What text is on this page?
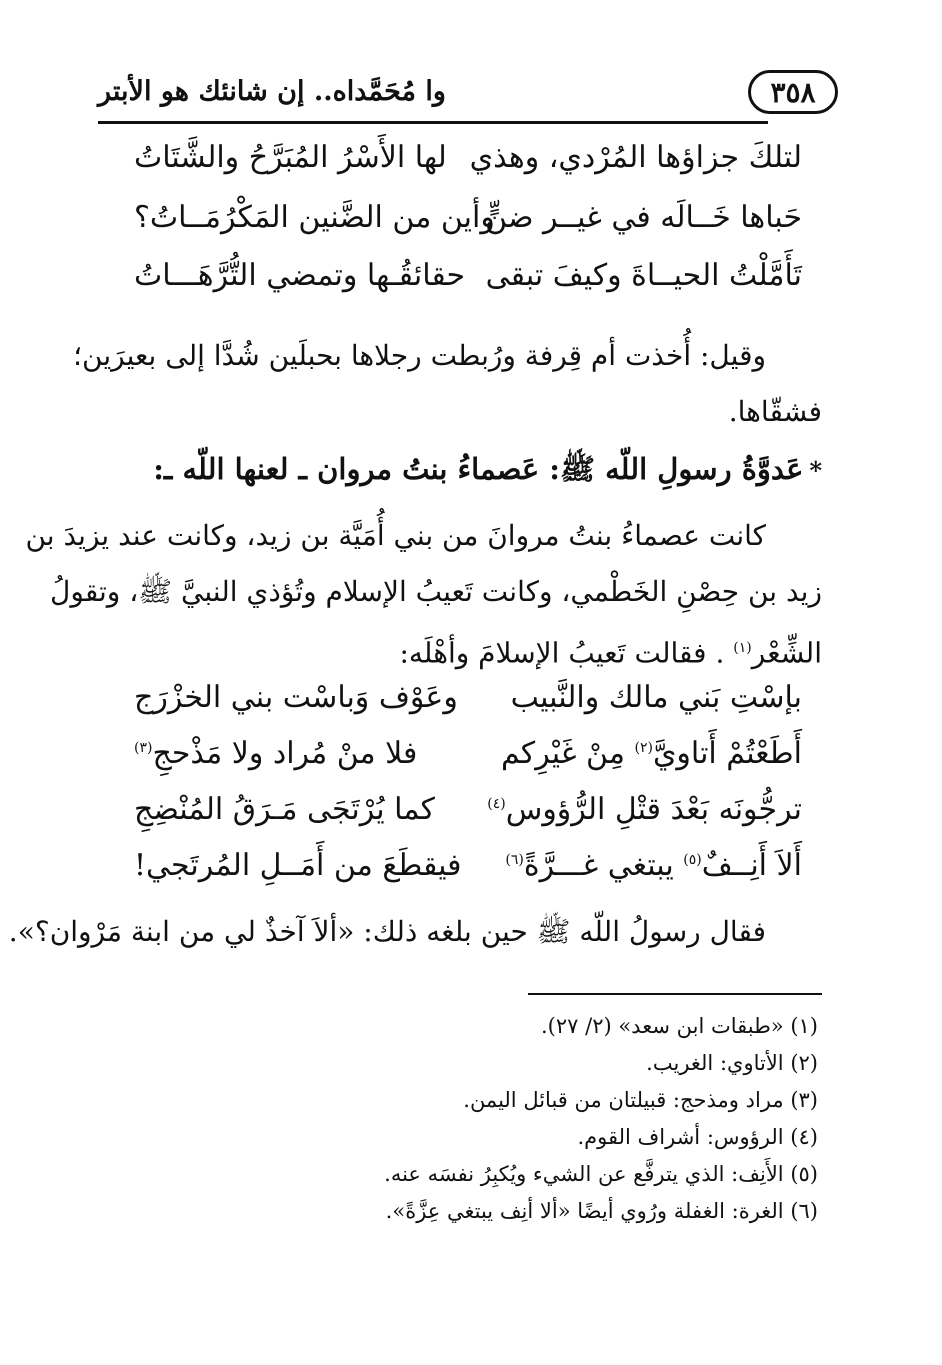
٣٥٨
وا مُحَمَّداه.. إن شانئك هو الأبتر
لتلكَ جزاؤها المُرْدي، وهذي
لها الأَسْرُ المُبَرَّحُ والشَّتَاتُ
حَباها خَــالَه في غيــر ضنٍّ
وأين من الضَّنين المَكْرُمَــاتُ؟
تَأَمَّلْتُ الحيــاةَ وكيفَ تبقى
حقائقُـها وتمضي التُّرَّهَـــاتُ
وقيل: أُخذت أم قِرفة ورُبطت رجلاها بحبلَين شُدَّا إلى بعيرَين؛
فشقّاها.
*عَدوَّةُ رسولِ اللّه ﷺ: عَصماءُ بنتُ مروان ـ لعنها اللّه ـ:
كانت عصماءُ بنتُ مروانَ من بني أُمَيَّة بن زيد، وكانت عند يزيدَ بن
زيد بن حِصْنِ الخَطْمي، وكانت تَعيبُ الإسلام وتُؤذي النبيَّ ﷺ، وتقولُ
الشِّعْر$^{(١)}$ . فقالت تَعيبُ الإسلامَ وأهْلَه:
بإسْتِ بَني مالك والنَّبيب
وعَوْف وَباسْت بني الخزْرَج
أَطَعْتُمْ أَتاويَّ$^{(٢)}$ مِنْ غَيْرِكم
فلا منْ مُراد ولا مَذْحجِ$^{(٣)}$
ترجُّونَه بَعْدَ قتْلِ الرُّؤوس$^{(٤)}$
كما يُرْتَجَى مَـرَقُ المُنْضِجِ
أَلاَ أَنِــفٌ$^{(٥)}$ يبتغي غـــرَّةً$^{(٦)}$
فيقطَعَ من أَمَــلِ المُرتَجي!
فقال رسولُ اللّه ﷺ حين بلغه ذلك: «ألاَ آخذٌ لي من ابنة مَرْوان؟».
(١) «طبقات ابن سعد» (٢/ ٢٧).
(٢) الأتاوي: الغريب.
(٣) مراد ومذحج: قبيلتان من قبائل اليمن.
(٤) الرؤوس: أشراف القوم.
(٥) الأَنِف: الذي يترفَّع عن الشيء ويُكبِرُ نفسَه عنه.
(٦) الغرة: الغفلة ورُوي أيضًا «ألا أنِف يبتغي عِزَّةً».
